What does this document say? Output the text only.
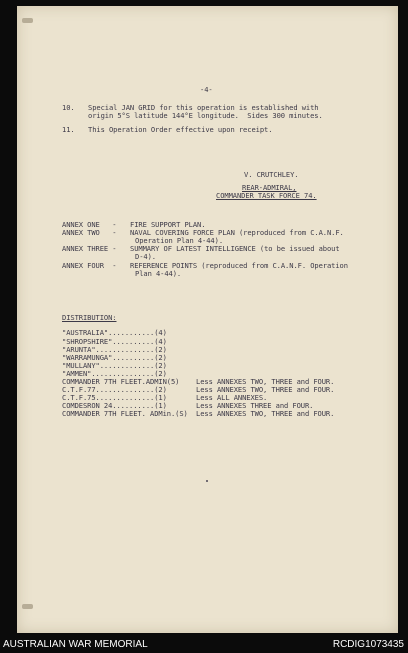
-4-
10. Special JAN GRID for this operation is established with
origin 5°S latitude 144°E longitude.  Sides 300 minutes.
11. This Operation Order effective upon receipt.
V. CRUTCHLEY.
REAR-ADMIRAL,
COMMANDER TASK FORCE 74.
ANNEX ONE   - FIRE SUPPORT PLAN.
ANNEX TWO   - NAVAL COVERING FORCE PLAN (reproduced from C.A.N.F.
Operation Plan 4-44).
ANNEX THREE - SUMMARY OF LATEST INTELLIGENCE (to be issued about
D-4).
ANNEX FOUR  - REFERENCE POINTS (reproduced from C.A.N.F. Operation
Plan 4-44).
DISTRIBUTION:
"AUSTRALIA"...........(4)
"SHROPSHIRE"..........(4)
"ARUNTA"..............(2)
"WARRAMUNGA"..........(2)
"MULLANY".............(2)
"AMMEN"...............(2)
COMMANDER 7TH FLEET.ADMIN(5) Less ANNEXES TWO, THREE and FOUR.
C.T.F.77..............(2)	Less ANNEXES TWO, THREE and FOUR.
C.T.F.75..............(1)	Less ALL ANNEXES.
COMDESRON 24..........(1)	Less ANNEXES THREE and FOUR.
COMMANDER 7TH FLEET. ADMin.(S) Less ANNEXES TWO, THREE and FOUR.
AUSTRALIAN WAR MEMORIAL	RCDIG1073435
